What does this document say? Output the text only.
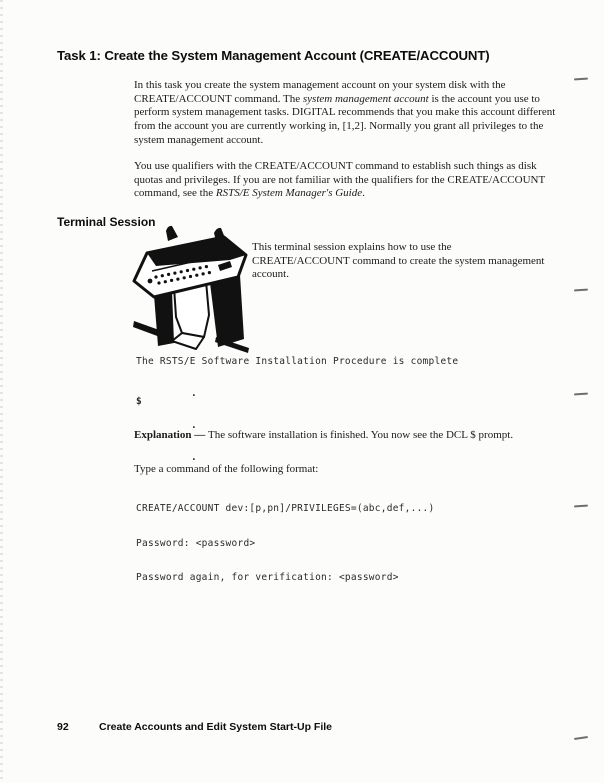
Task 1: Create the System Management Account (CREATE/ACCOUNT)

In this task you create the system management account on your system disk with the CREATE/ACCOUNT command. The system management account is the account you use to perform system management tasks. DIGITAL recommends that you make this account different from the account you are currently working in, [1,2]. Normally you grant all privileges to the system management account.

You use qualifiers with the CREATE/ACCOUNT command to establish such things as disk quotas and privileges. If you are not familiar with the qualifiers for the CREATE/ACCOUNT command, see the RSTS/E System Manager's Guide.

Terminal Session

This terminal session explains how to use the CREATE/ACCOUNT command to create the system management account.

The RSTS/E Software Installation Procedure is complete

.

.

.

$

Explanation — The software installation is finished. You now see the DCL $ prompt.

Type a command of the following format:

CREATE/ACCOUNT dev:[p,pn]/PRIVILEGES=(abc,def,...)

Password: <password>

Password again, for verification: <password>

92	Create Accounts and Edit System Start-Up File
